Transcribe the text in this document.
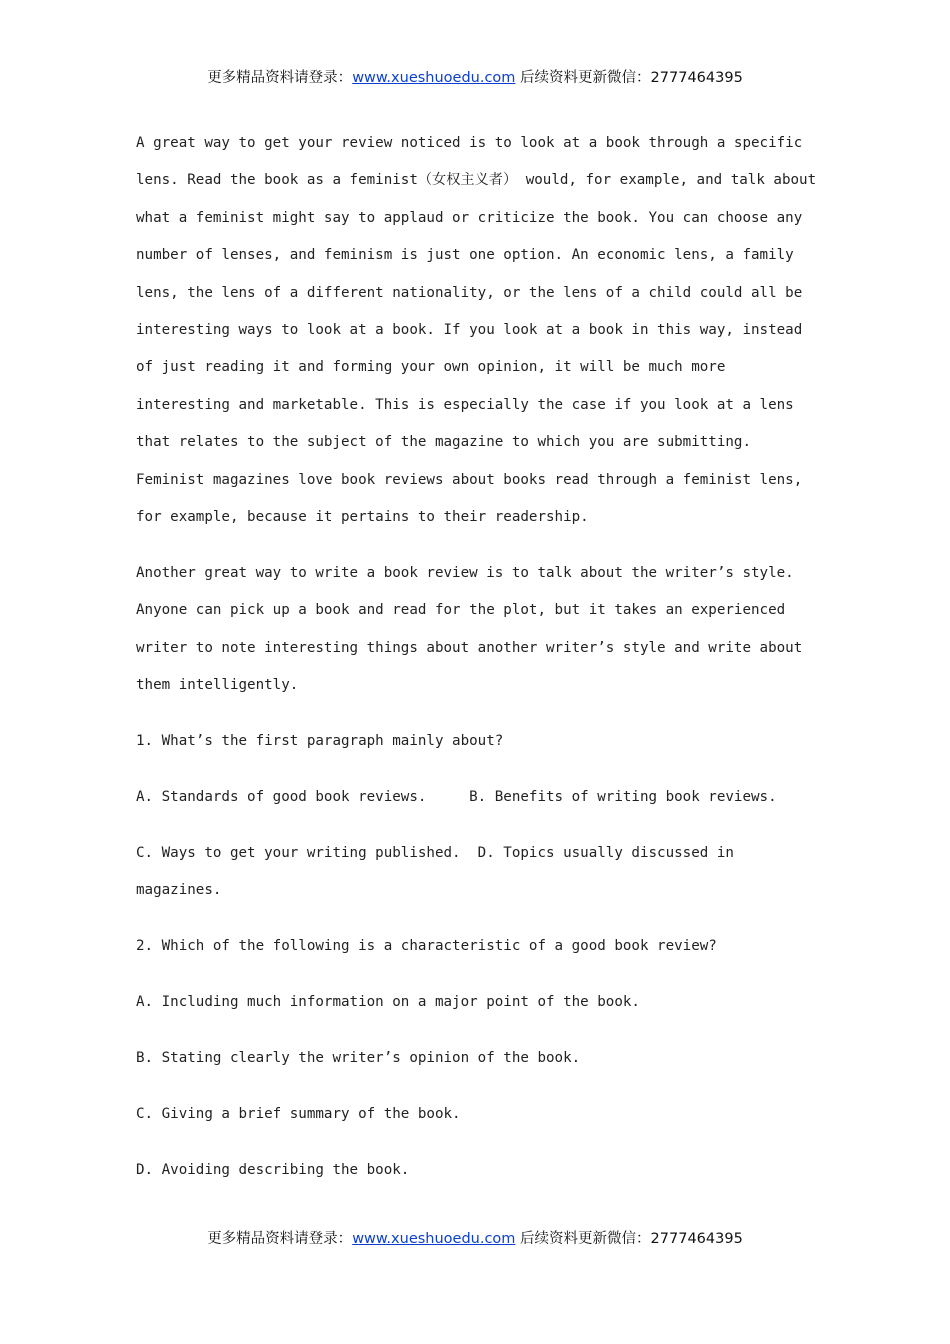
更多精品资料请登录：www.xueshuoedu.com 后续资料更新微信：2777464395

A great way to get your review noticed is to look at a book through a specific
lens. Read the book as a feminist（女权主义者） would, for example, and talk about
what a feminist might say to applaud or criticize the book. You can choose any
number of lenses, and feminism is just one option. An economic lens, a family
lens, the lens of a different nationality, or the lens of a child could all be
interesting ways to look at a book. If you look at a book in this way, instead
of just reading it and forming your own opinion, it will be much more
interesting and marketable. This is especially the case if you look at a lens
that relates to the subject of the magazine to which you are submitting.
Feminist magazines love book reviews about books read through a feminist lens,
for example, because it pertains to their readership.

Another great way to write a book review is to talk about the writer’s style.
Anyone can pick up a book and read for the plot, but it takes an experienced
writer to note interesting things about another writer’s style and write about
them intelligently.

1. What’s the first paragraph mainly about?

A. Standards of good book reviews.     B. Benefits of writing book reviews.

C. Ways to get your writing published.  D. Topics usually discussed in
magazines.

2. Which of the following is a characteristic of a good book review?

A. Including much information on a major point of the book.

B. Stating clearly the writer’s opinion of the book.

C. Giving a brief summary of the book.

D. Avoiding describing the book.

更多精品资料请登录：www.xueshuoedu.com 后续资料更新微信：2777464395
